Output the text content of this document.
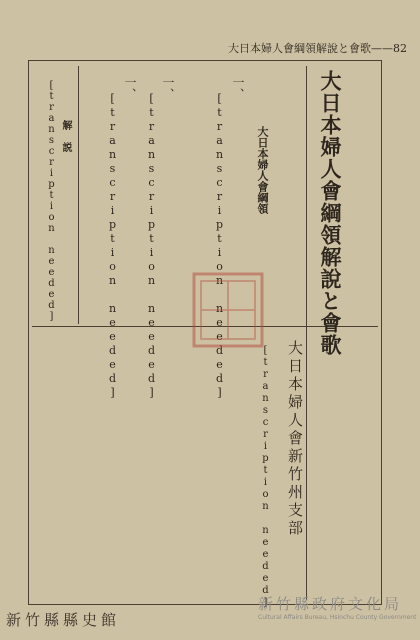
大日本婦人會綱領解說と會歌——82
大日本婦人會綱領解說と會歌
大日本婦人會新竹州支部
大日本婦人會綱領
一、
[transcription needed]
一、
[transcription needed]
一、
[transcription needed]
解説
[transcription needed]
[transcription needed]
新竹縣縣史館
新竹縣政府文化局
Cultural Affairs Bureau, Hsinchu County Government
